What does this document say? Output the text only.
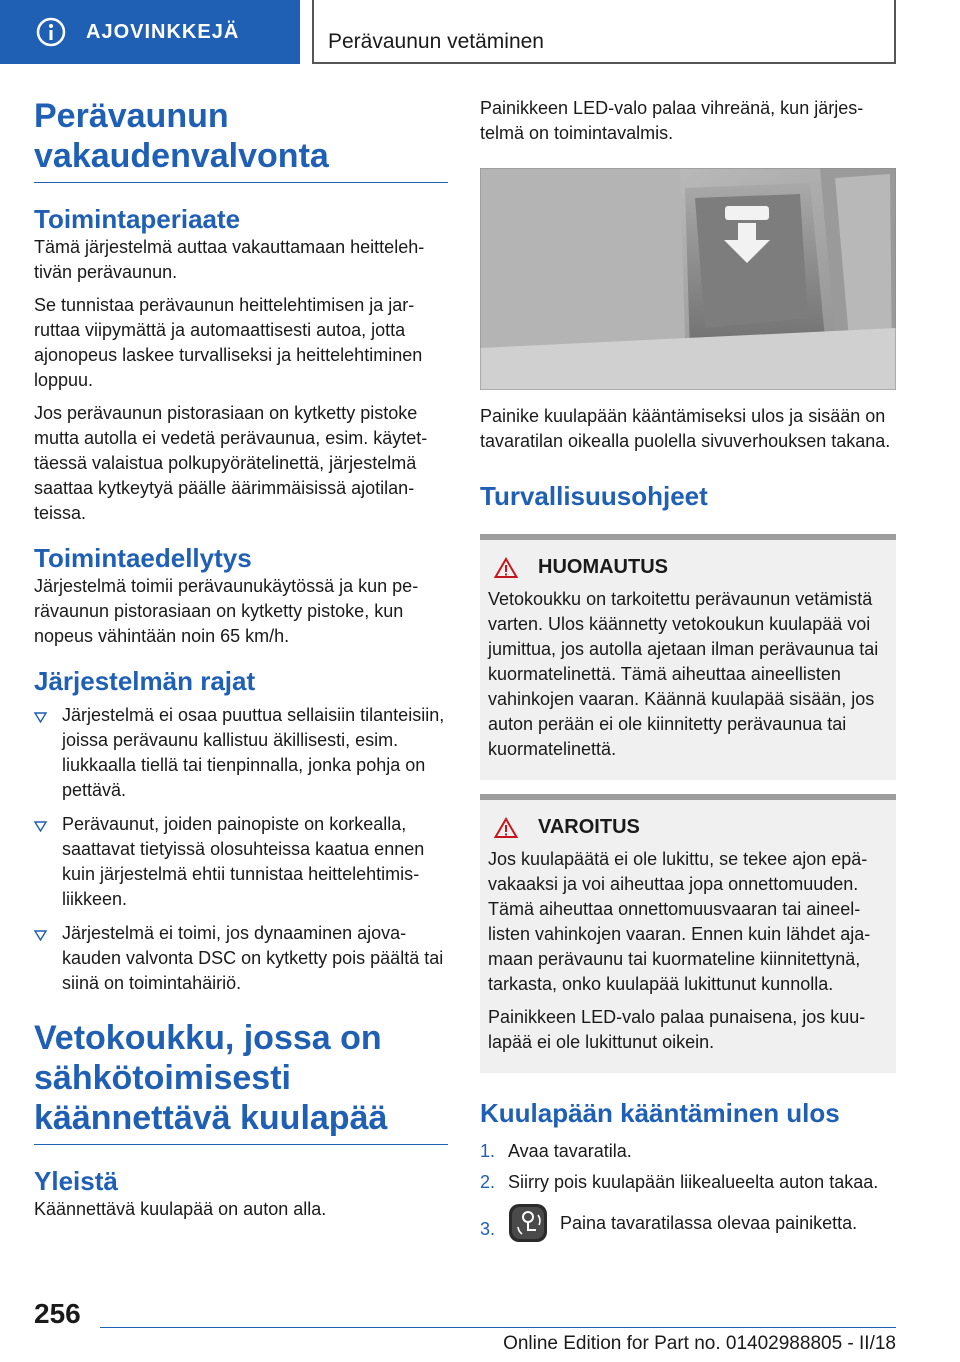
AJOVINKKEJÄ	Perävaunun vetäminen
Perävaunun vakaudenvalvonta
Toimintaperiaate

Tämä järjestelmä auttaa vakauttamaan heittelehtivän perävaunun.

Se tunnistaa perävaunun heittelehtimisen ja jarruttaa viipymättä ja automaattisesti autoa, jotta ajonopeus laskee turvalliseksi ja heittelehtiminen loppuu.

Jos perävaunun pistorasiaan on kytketty pistoke mutta autolla ei vedetä perävaunua, esim. käytettäessä valaistua polkupyörätelinettä, järjestelmä saattaa kytkeytyä päälle äärimmäisissä ajotilanteissa.

Toimintaedellytys

Järjestelmä toimii perävaunukäytössä ja kun perävaunun pistorasiaan on kytketty pistoke, kun nopeus vähintään noin 65 km/h.

Järjestelmän rajat
Järjestelmä ei osaa puuttua sellaisiin tilanteisiin, joissa perävaunu kallistuu äkillisesti, esim. liukkaalla tiellä tai tienpinnalla, jonka pohja on pettävä.
Perävaunut, joiden painopiste on korkealla, saattavat tietyissä olosuhteissa kaatua ennen kuin järjestelmä ehtii tunnistaa heittelehtimisliikkeen.
Järjestelmä ei toimi, jos dynaaminen ajovakauden valvonta DSC on kytketty pois päältä tai siinä on toimintahäiriö.
Vetokoukku, jossa on sähkötoimisesti käännettävä kuulapää
Yleistä

Käännettävä kuulapää on auton alla.

Painikkeen LED-valo palaa vihreänä, kun järjestelmä on toimintavalmis.

Painike kuulapään kääntämiseksi ulos ja sisään on tavaratilan oikealla puolella sivuverhouksen takana.

Turvallisuusohjeet
HUOMAUTUS

Vetokoukku on tarkoitettu perävaunun vetämistä varten. Ulos käännetty vetokoukun kuulapää voi jumittua, jos autolla ajetaan ilman perävaunua tai kuormatelinettä. Tämä aiheuttaa aineellisten vahinkojen vaaran. Käännä kuulapää sisään, jos auton perään ei ole kiinnitetty perävaunua tai kuormatelinettä.

VAROITUS

Jos kuulapäätä ei ole lukittu, se tekee ajon epävakaaksi ja voi aiheuttaa jopa onnettomuuden. Tämä aiheuttaa onnettomuusvaaran tai aineellisten vahinkojen vaaran. Ennen kuin lähdet ajamaan perävaunu tai kuormateline kiinnitettynä, tarkasta, onko kuulapää lukittunut kunnolla.

Painikkeen LED-valo palaa punaisena, jos kuulapää ei ole lukittunut oikein.

Kuulapään kääntäminen ulos
1. Avaa tavaratila.
2. Siirry pois kuulapään liikealueelta auton takaa.
3.	Paina tavaratilassa olevaa painiketta.
256
Online Edition for Part no. 01402988805 - II/18
